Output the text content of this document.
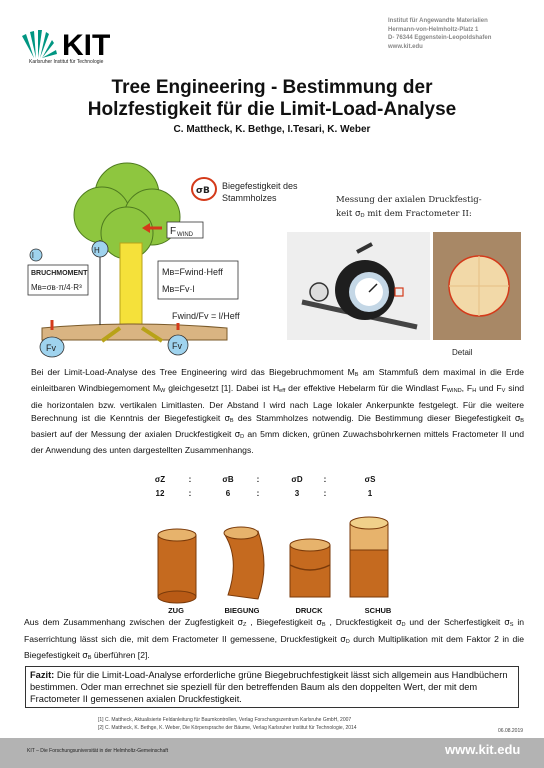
KIT
Karlsruher Institut für Technologie
Institut für Angewandte Materialien
Hermann-von-Helmholtz-Platz 1
D- 76344 Eggenstein-Leopoldshafen
www.kit.edu
Tree Engineering - Bestimmung der
Holzfestigkeit für die Limit-Load-Analyse
C. Mattheck, K. Bethge, I.Tesari, K. Weber
F WIND
BRUCHMOMENT
Mв=σв·π/4·R³
Mв=Fwind·Heff
Mв=Fv·l
Fwind/Fv = l/Heff
l
H
Fv	Fv
σB Biegefestigkeit des
Stammholzes	Messung der axialen Druckfestig-
keit $\sigma_D$ mit dem Fractometer II:
Detail
Bei der Limit-Load-Analyse des Tree Engineering wird das Biegebruchmoment $M_B$ am Stammfuß dem maximal in die Erde einleitbaren Windbiegemoment $M_W$ gleichgesetzt [1]. Dabei ist $H_{eff}$ der effektive Hebelarm für die Windlast $F_{WIND}$, $F_H$ und $F_V$ sind die horizontalen bzw. vertikalen Limitlasten. Der Abstand l wird nach Lage lokaler Ankerpunkte festgelegt. Für die weitere Berechnung ist die Kenntnis der Biegefestigkeit $\sigma_B$ des Stammholzes notwendig. Die Bestimmung dieser Biegefestigkeit $\sigma_B$ basiert auf der Messung der axialen Druckfestigkeit $\sigma_D$ an 5mm dicken, grünen Zuwachsbohrkernen mittels Fractometer II und der Anwendung des unten dargestellten Zusammenhangs.
σZ	:	σB	:	σD	:	σS
12	:	6	:	3	:	1
ZUG	BIEGUNG	DRUCK	SCHUB
Aus dem Zusammenhang zwischen der Zugfestigkeit $\sigma_Z$ , Biegefestigkeit $\sigma_B$ , Druckfestigkeit $\sigma_D$ und der Scherfestigkeit $\sigma_S$ in Faserrichtung lässt sich die, mit dem Fractometer II gemessene, Druckfestigkeit $\sigma_D$ durch Multiplikation mit dem Faktor 2 in die Biegefestigkeit $\sigma_B$ überführen [2].
Fazit: Die für die Limit-Load-Analyse erforderliche grüne Biegebruchfestigkeit lässt sich allgemein aus Handbüchern bestimmen. Oder man errechnet sie speziell für den betreffenden Baum als den doppelten Wert, der mit dem Fractometer II gemessenen axialen Druckfestigkeit.
[1] C. Mattheck, Aktualisierte Feldanleitung für Baumkontrollen, Verlag Forschungszentrum Karlsruhe GmbH, 2007
[2] C. Mattheck, K. Bethge, K. Weber, Die Körpersprache der Bäume, Verlag Karlsruher Institut für Technologie, 2014	06.08.2019
KIT – Die Forschungsuniversität in der Helmholtz-Gemeinschaft	www.kit.edu
